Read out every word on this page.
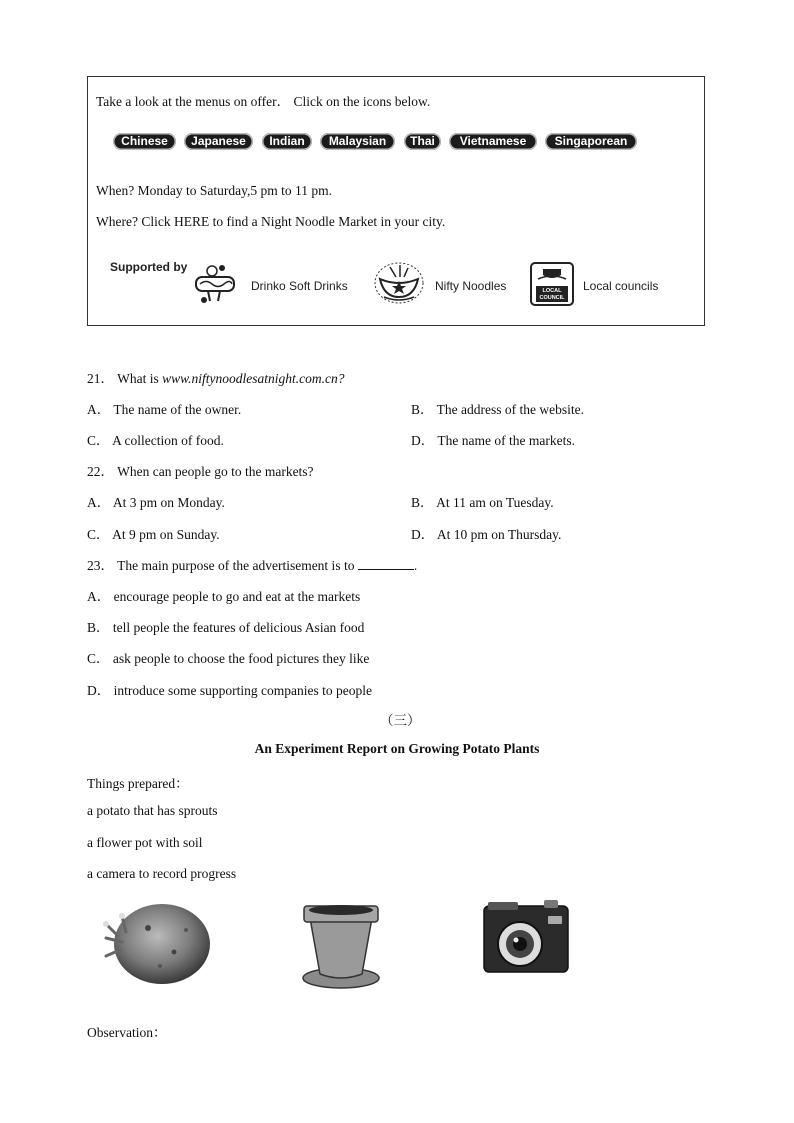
Take a look at the menus on offer． Click on the icons below.
Chinese	Japanese	Indian	Malaysian	Thai	Vietnamese	Singaporean
When? Monday to Saturday,5 pm to 11 pm.
Where? Click HERE to find a Night Noodle Market in your city.
Supported by
Drinko Soft Drinks	Nifty Noodles	LOCAL COUNCIL
Local councils
21． What is www.niftynoodlesatnight.com.cn?
A． The name of the owner.	B． The address of the website.
C． A collection of food.	D． The name of the markets.
22． When can people go to the markets?
A． At 3 pm on Monday.	B． At 11 am on Tuesday.
C． At 9 pm on Sunday.	D． At 10 pm on Thursday.
23． The main purpose of the advertisement is to	.
A． encourage people to go and eat at the markets
B． tell people the features of delicious Asian food
C． ask people to choose the food pictures they like
D． introduce some supporting companies to people
（三）
An Experiment Report on Growing Potato Plants
Things prepared：
a potato that has sprouts
a flower pot with soil
a camera to record progress
Observation：
